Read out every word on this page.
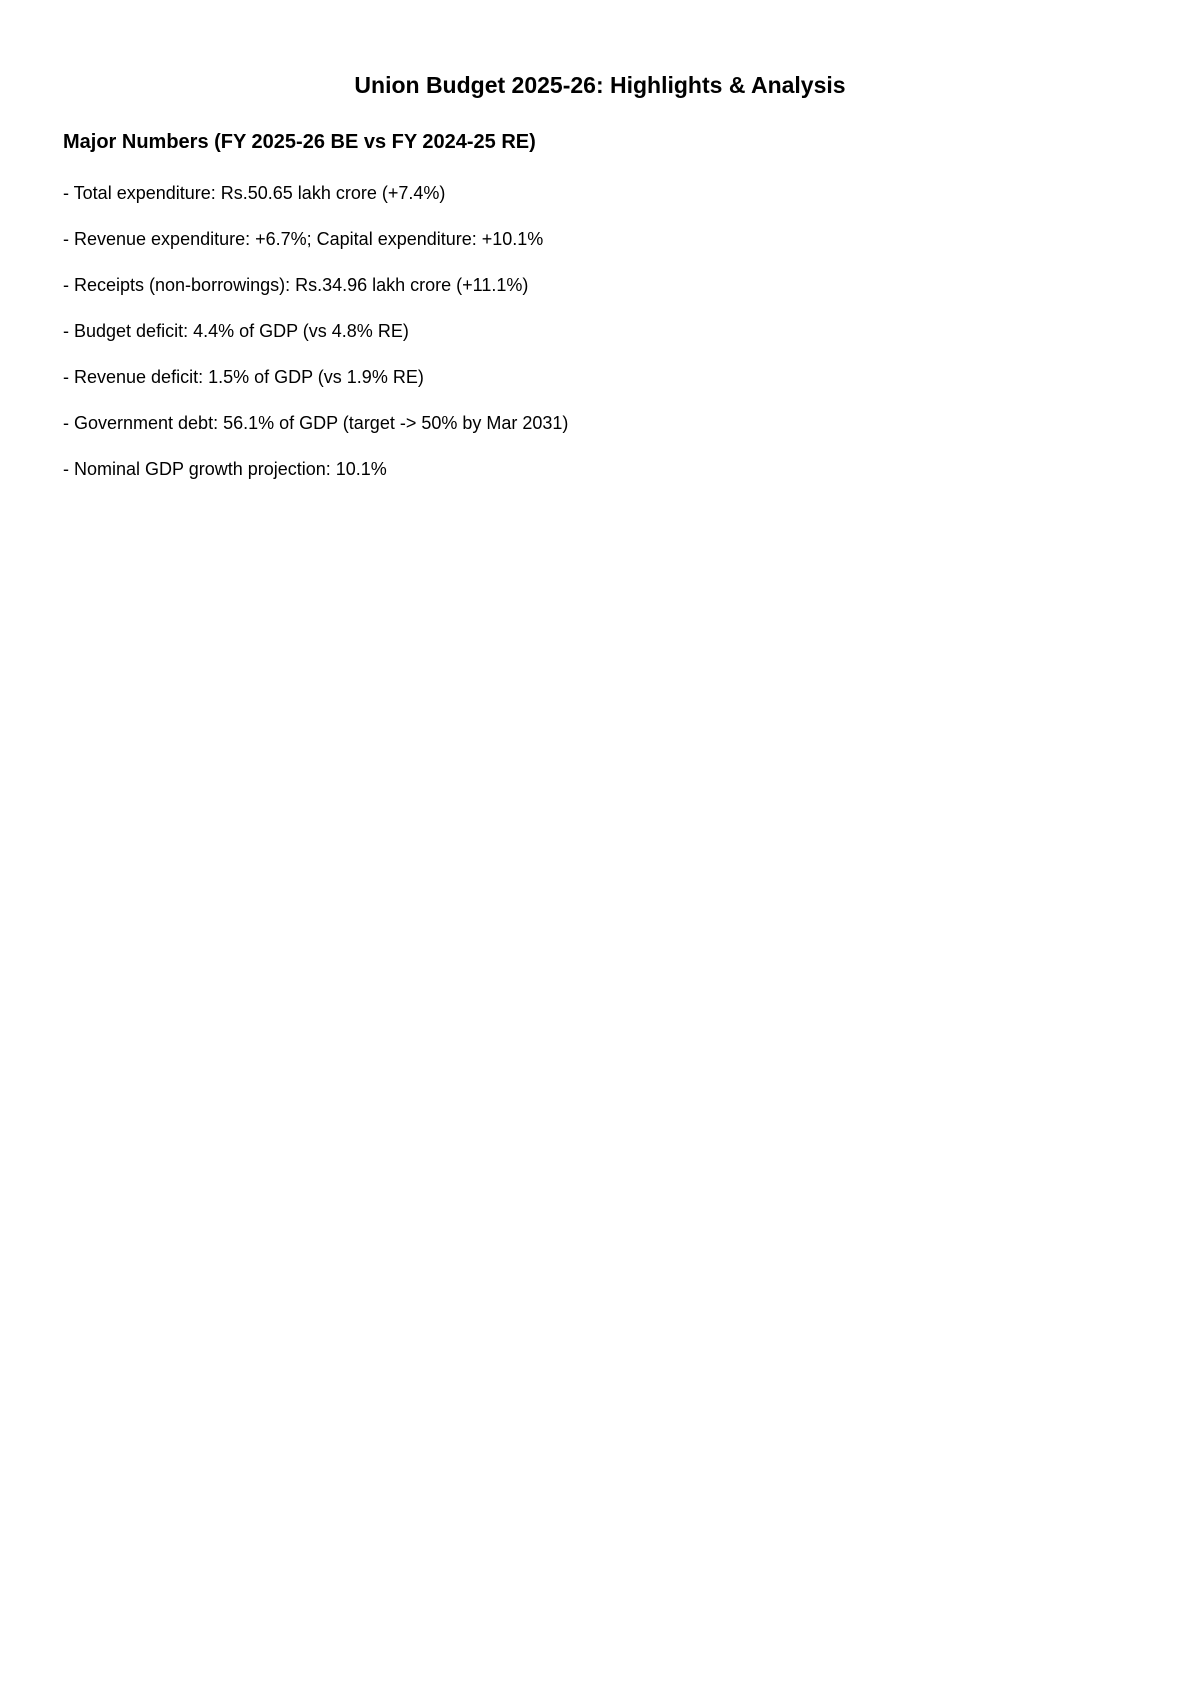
Union Budget 2025-26: Highlights & Analysis
Major Numbers (FY 2025-26 BE vs FY 2024-25 RE)
- Total expenditure: Rs.50.65 lakh crore (+7.4%)
- Revenue expenditure: +6.7%; Capital expenditure: +10.1%
- Receipts (non-borrowings): Rs.34.96 lakh crore (+11.1%)
- Budget deficit: 4.4% of GDP (vs 4.8% RE)
- Revenue deficit: 1.5% of GDP (vs 1.9% RE)
- Government debt: 56.1% of GDP (target -> 50% by Mar 2031)
- Nominal GDP growth projection: 10.1%
